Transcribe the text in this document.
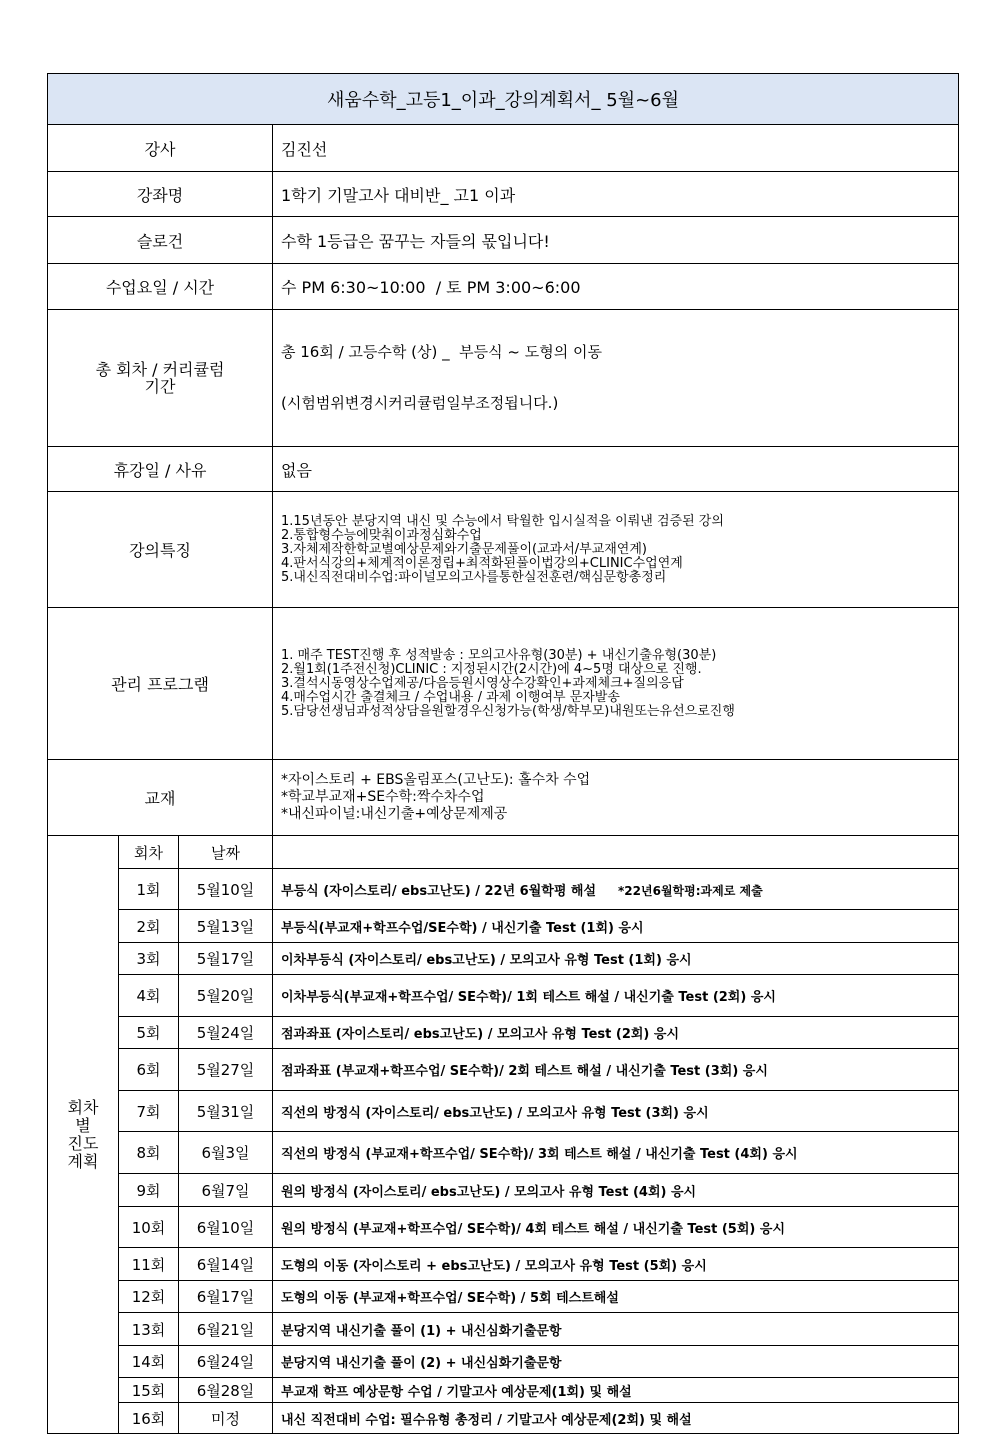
새움수학_고등1_이과_강의계획서_ 5월~6월			
강사			김진선
강좌명			1학기 기말고사 대비반_ 고1 이과
슬로건			수학 1등급은 꿈꾸는 자들의 몫입니다!
수업요일 / 시간			수 PM 6:30~10:00  / 토 PM 3:00~6:00

총 회차 / 커리큘럼
기간			총 16회 / 고등수학 (상) _  부등식 ~ 도형의 이동

(시험범위변경시커리큘럼일부조정됩니다.)

휴강일 / 사유			없음
강의특징			1.15년동안 분당지역 내신 및 수능에서 탁월한 입시실적을 이뤄낸 검증된 강의
2.통합형수능에맞춰이과정심화수업
3.자체제작한학교별예상문제와기출문제풀이(교과서/부교재연계)
4.판서식강의+체계적이론정립+최적화된풀이법강의+CLINIC수업연계
5.내신직전대비수업:파이널모의고사를통한실전훈련/핵심문항총정리

관리 프로그램			1. 매주 TEST진행 후 성적발송 : 모의고사유형(30분) + 내신기출유형(30분)
2.월1회(1주전신청)CLINIC : 지정된시간(2시간)에 4~5명 대상으로 진행.
3.결석시동영상수업제공/다음등원시영상수강확인+과제체크+질의응답
4.매수업시간 출결체크 / 수업내용 / 과제 이행여부 문자발송
5.담당선생님과성적상담을원할경우신청가능(학생/학부모)내원또는유선으로진행

교재			*자이스토리 + EBS올림포스(고난도): 홀수차 수업
*학교부교재+SE수학:짝수차수업
*내신파이널:내신기출+예상문제제공

회차
별
진도
계획	회차	날짜	
	1회	5월10일	부등식 (자이스토리/ ebs고난도) / 22년 6월학평 해설 *22년6월학평:과제로 제출
	2회	5월13일	부등식(부교재+학프수업/SE수학) / 내신기출 Test (1회) 응시
	3회	5월17일	이차부등식 (자이스토리/ ebs고난도) / 모의고사 유형 Test (1회) 응시
	4회	5월20일	이차부등식(부교재+학프수업/ SE수학)/ 1회 테스트 해설 / 내신기출 Test (2회) 응시
	5회	5월24일	점과좌표 (자이스토리/ ebs고난도) / 모의고사 유형 Test (2회) 응시
	6회	5월27일	점과좌표 (부교재+학프수업/ SE수학)/ 2회 테스트 해설 / 내신기출 Test (3회) 응시
	7회	5월31일	직선의 방정식 (자이스토리/ ebs고난도) / 모의고사 유형 Test (3회) 응시
	8회	6월3일	직선의 방정식 (부교재+학프수업/ SE수학)/ 3회 테스트 해설 / 내신기출 Test (4회) 응시
	9회	6월7일	원의 방정식 (자이스토리/ ebs고난도) / 모의고사 유형 Test (4회) 응시
	10회	6월10일	원의 방정식 (부교재+학프수업/ SE수학)/ 4회 테스트 해설 / 내신기출 Test (5회) 응시
	11회	6월14일	도형의 이동 (자이스토리 + ebs고난도) / 모의고사 유형 Test (5회) 응시
	12회	6월17일	도형의 이동 (부교재+학프수업/ SE수학) / 5회 테스트해설
	13회	6월21일	분당지역 내신기출 풀이 (1) + 내신심화기출문항
	14회	6월24일	분당지역 내신기출 풀이 (2) + 내신심화기출문항
	15회	6월28일	부교재 학프 예상문항 수업 / 기말고사 예상문제(1회) 및 해설
	16회	미정	내신 직전대비 수업: 필수유형 총정리 / 기말고사 예상문제(2회) 및 해설
